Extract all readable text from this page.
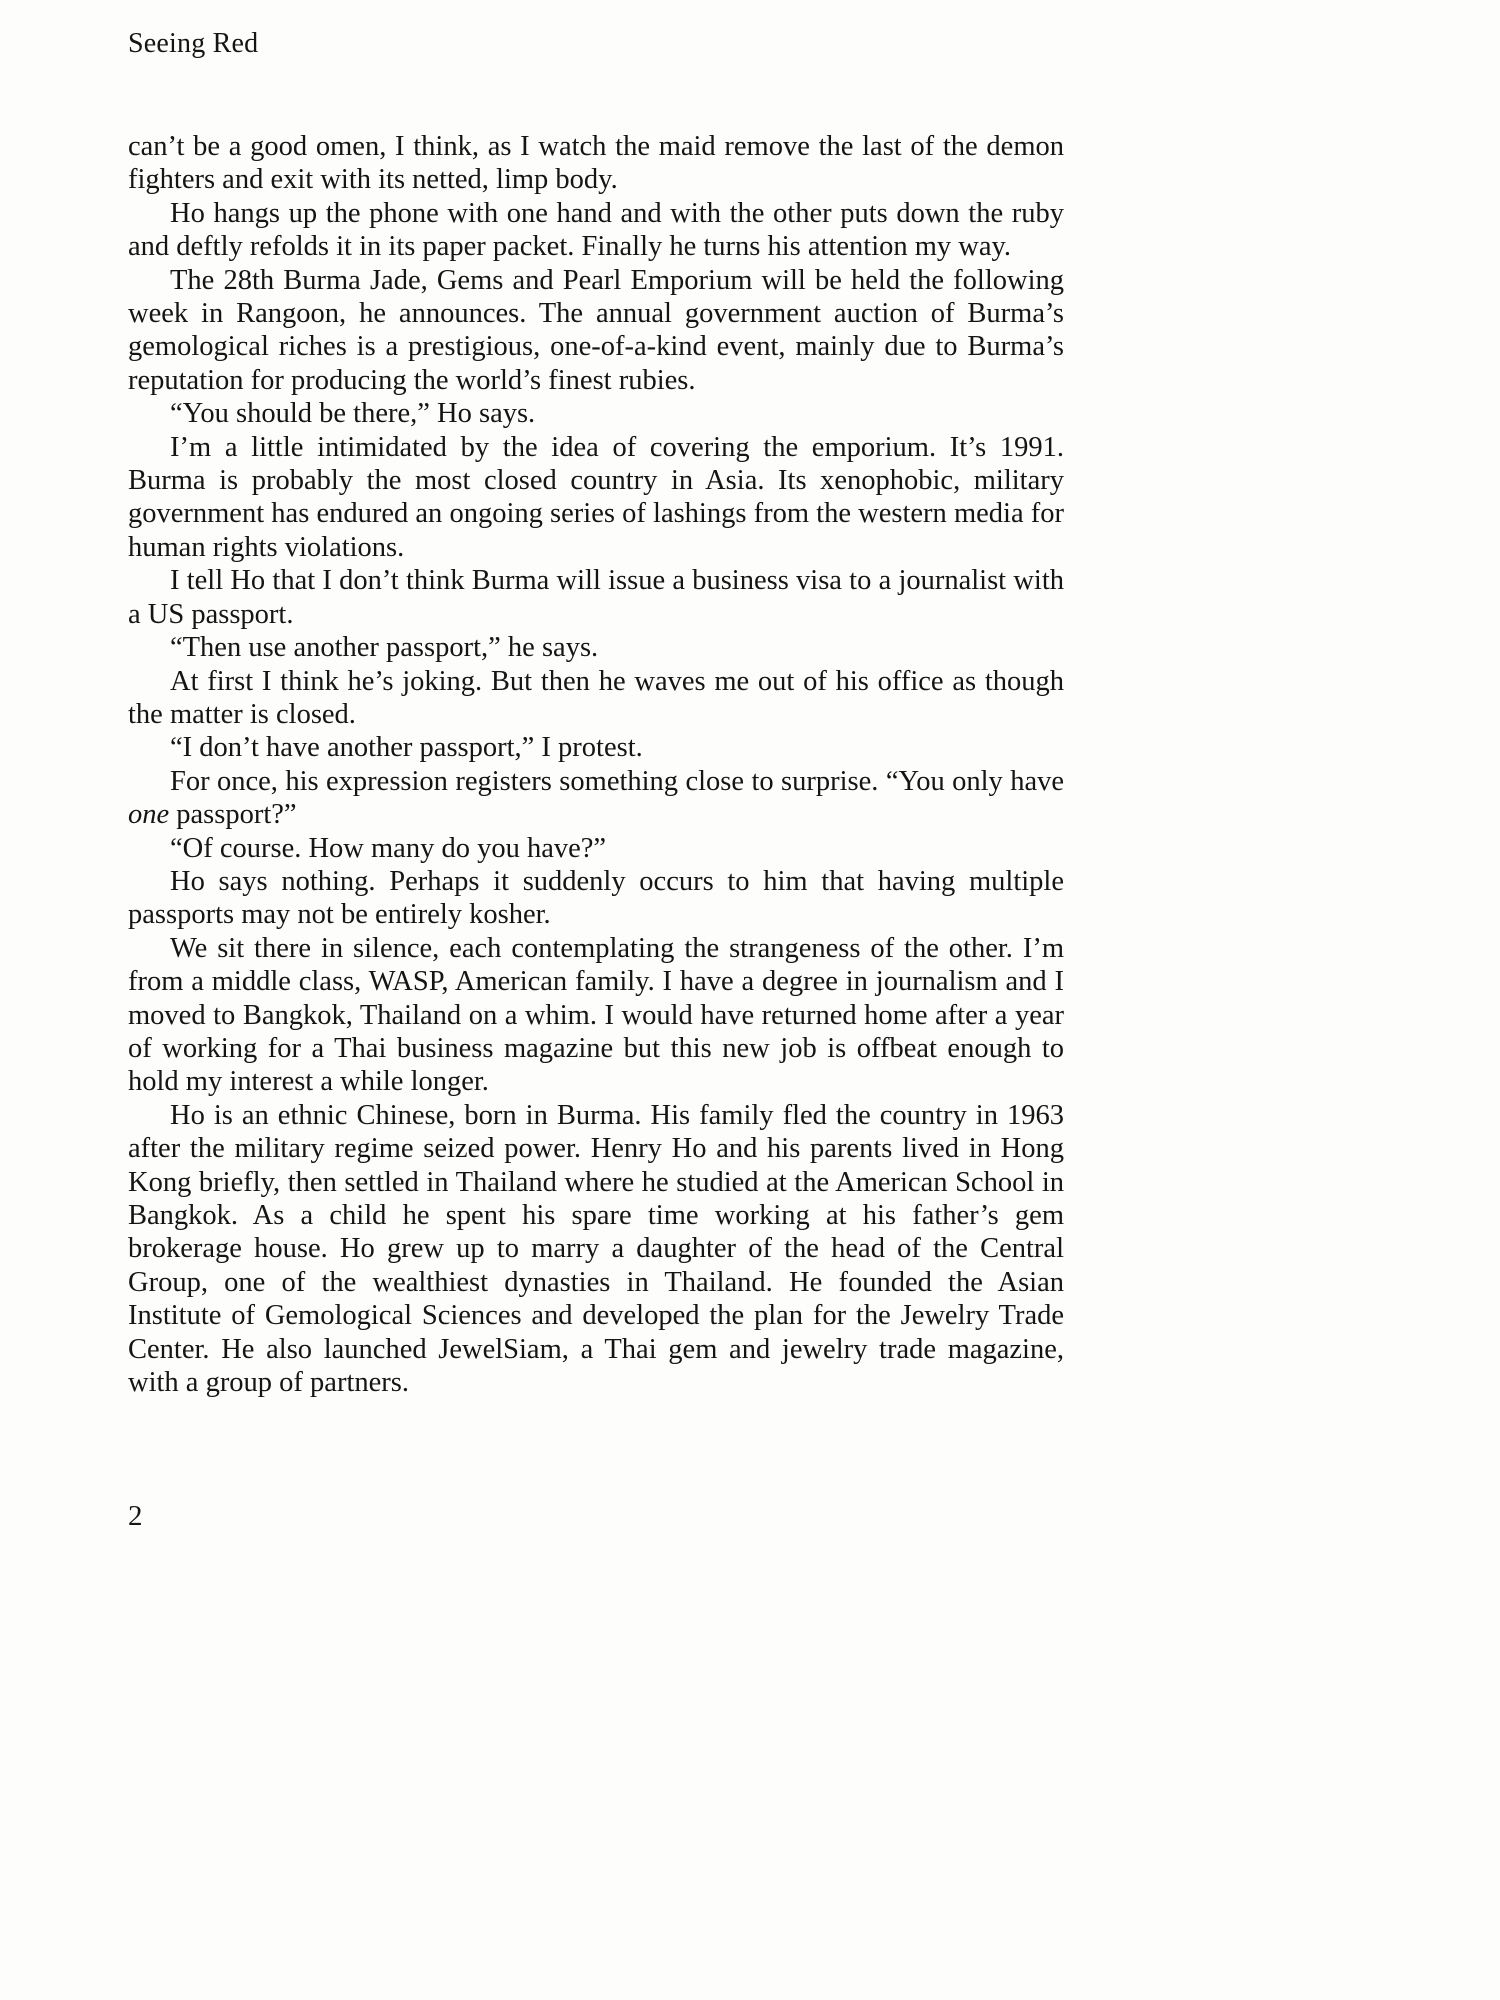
Seeing Red

can’t be a good omen, I think, as I watch the maid remove the last of the demon fighters and exit with its netted, limp body.

Ho hangs up the phone with one hand and with the other puts down the ruby and deftly refolds it in its paper packet. Finally he turns his attention my way.

The 28th Burma Jade, Gems and Pearl Emporium will be held the following week in Rangoon, he announces. The annual government auction of Burma’s gemological riches is a prestigious, one-of-a-kind event, mainly due to Burma’s reputation for producing the world’s finest rubies.

“You should be there,” Ho says.

I’m a little intimidated by the idea of covering the emporium. It’s 1991. Burma is probably the most closed country in Asia. Its xenophobic, military government has endured an ongoing series of lashings from the western media for human rights violations.

I tell Ho that I don’t think Burma will issue a business visa to a journalist with a US passport.

“Then use another passport,” he says.

At first I think he’s joking. But then he waves me out of his office as though the matter is closed.

“I don’t have another passport,” I protest.

For once, his expression registers something close to surprise. “You only have one passport?”

“Of course. How many do you have?”

Ho says nothing. Perhaps it suddenly occurs to him that having multiple passports may not be entirely kosher.

We sit there in silence, each contemplating the strangeness of the other. I’m from a middle class, WASP, American family. I have a degree in journalism and I moved to Bangkok, Thailand on a whim. I would have returned home after a year of working for a Thai business magazine but this new job is offbeat enough to hold my interest a while longer.

Ho is an ethnic Chinese, born in Burma. His family fled the country in 1963 after the military regime seized power. Henry Ho and his parents lived in Hong Kong briefly, then settled in Thailand where he studied at the American School in Bangkok. As a child he spent his spare time working at his father’s gem brokerage house. Ho grew up to marry a daughter of the head of the Central Group, one of the wealthiest dynasties in Thailand. He founded the Asian Institute of Gemological Sciences and developed the plan for the Jewelry Trade Center. He also launched JewelSiam, a Thai gem and jewelry trade magazine, with a group of partners.

2
